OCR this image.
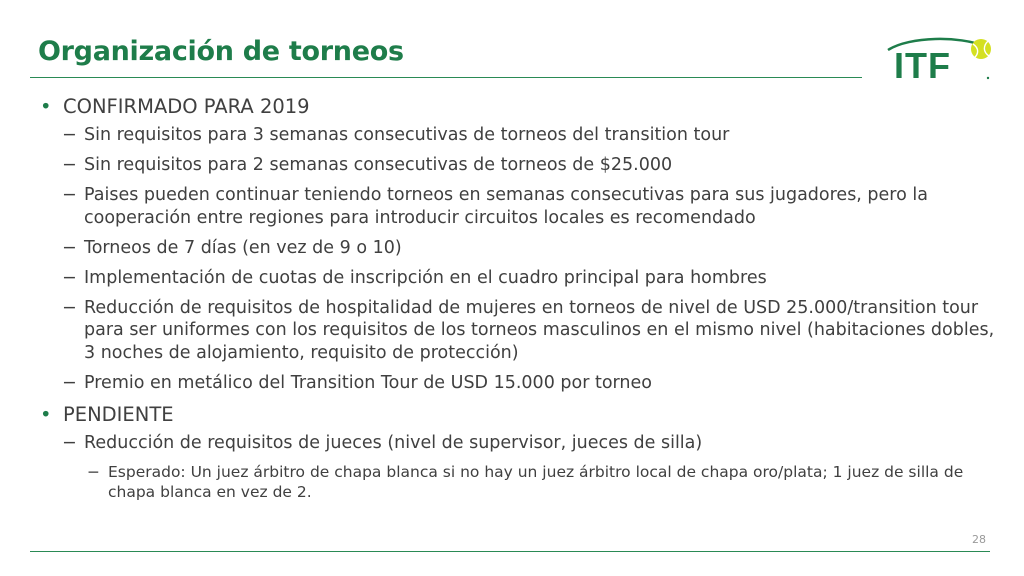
Organización de torneos	ITF
• CONFIRMADO PARA 2019
− Sin requisitos para 3 semanas consecutivas de torneos del transition tour
− Sin requisitos para 2 semanas consecutivas de torneos de $25.000
− Paises pueden continuar teniendo torneos en semanas consecutivas para sus jugadores, pero la cooperación entre regiones para introducir circuitos locales es recomendado
− Torneos de 7 días (en vez de 9 o 10)
− Implementación de cuotas de inscripción en el cuadro principal para hombres
− Reducción de requisitos de hospitalidad de mujeres en torneos de nivel de USD 25.000/transition tour para ser uniformes con los requisitos de los torneos masculinos en el mismo nivel (habitaciones dobles, 3 noches de alojamiento, requisito de protección)
− Premio en metálico del Transition Tour de USD 15.000 por torneo
• PENDIENTE
− Reducción de requisitos de jueces (nivel de supervisor, jueces de silla)
− Esperado: Un juez árbitro de chapa blanca si no hay un juez árbitro local de chapa oro/plata; 1 juez de silla de chapa blanca en vez de 2.
28
